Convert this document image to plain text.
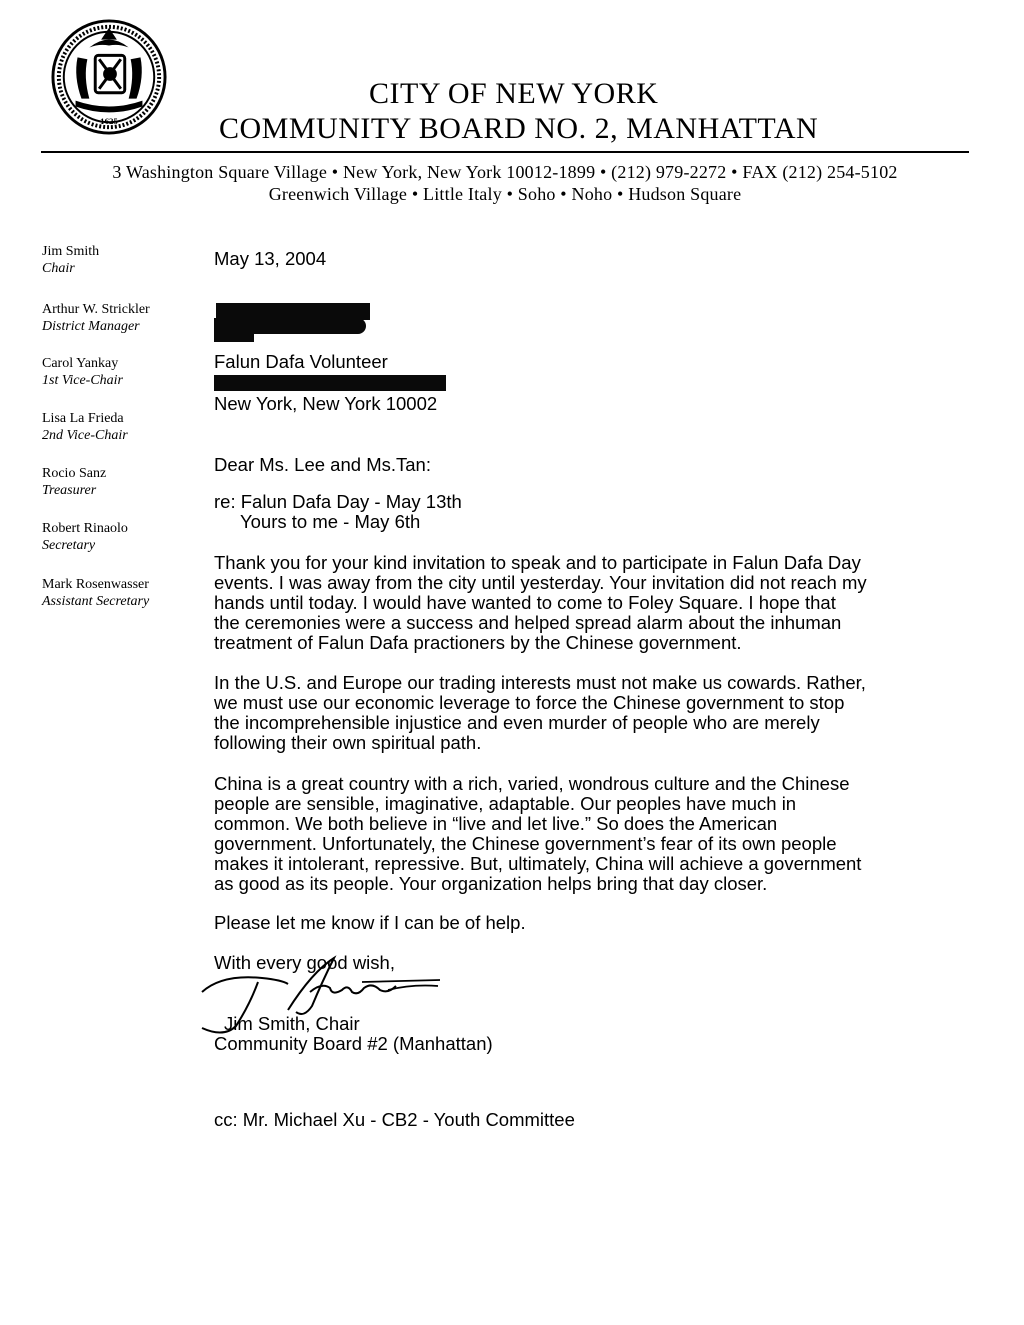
1625
CITY OF NEW YORK
COMMUNITY BOARD NO. 2, MANHATTAN
3 Washington Square Village • New York, New York 10012-1899 • (212) 979-2272 • FAX (212) 254-5102
Greenwich Village • Little Italy • Soho • Noho • Hudson Square
Jim Smith
Chair
Arthur W. Strickler
District Manager
Carol Yankay
1st Vice-Chair
Lisa La Frieda
2nd Vice-Chair
Rocio Sanz
Treasurer
Robert Rinaolo
Secretary
Mark Rosenwasser
Assistant Secretary
May 13, 2004
Falun Dafa Volunteer
New York, New York 10002
Dear Ms. Lee and Ms.Tan:
re: Falun Dafa Day - May 13th
Yours to me - May 6th
Thank you for your kind invitation to speak and to participate in Falun Dafa Day
events. I was away from the city until yesterday. Your invitation did not reach my
hands until today. I would have wanted to come to Foley Square. I hope that
the ceremonies were a success and helped spread alarm about the inhuman
treatment of Falun Dafa practioners by the Chinese government.
In the U.S. and Europe our trading interests must not make us cowards. Rather,
we must use our economic leverage to force the Chinese government to stop
the incomprehensible injustice and even murder of people who are merely
following their own spiritual path.
China is a great country with a rich, varied, wondrous culture and the Chinese
people are sensible, imaginative, adaptable. Our peoples have much in
common. We both believe in “live and let live.” So does the American
government. Unfortunately, the Chinese government’s fear of its own people
makes it intolerant, repressive. But, ultimately, China will achieve a government
as good as its people. Your organization helps bring that day closer.
Please let me know if I can be of help.
With every good wish,
Jim Smith, Chair
Community Board #2 (Manhattan)
cc: Mr. Michael Xu - CB2 - Youth Committee
